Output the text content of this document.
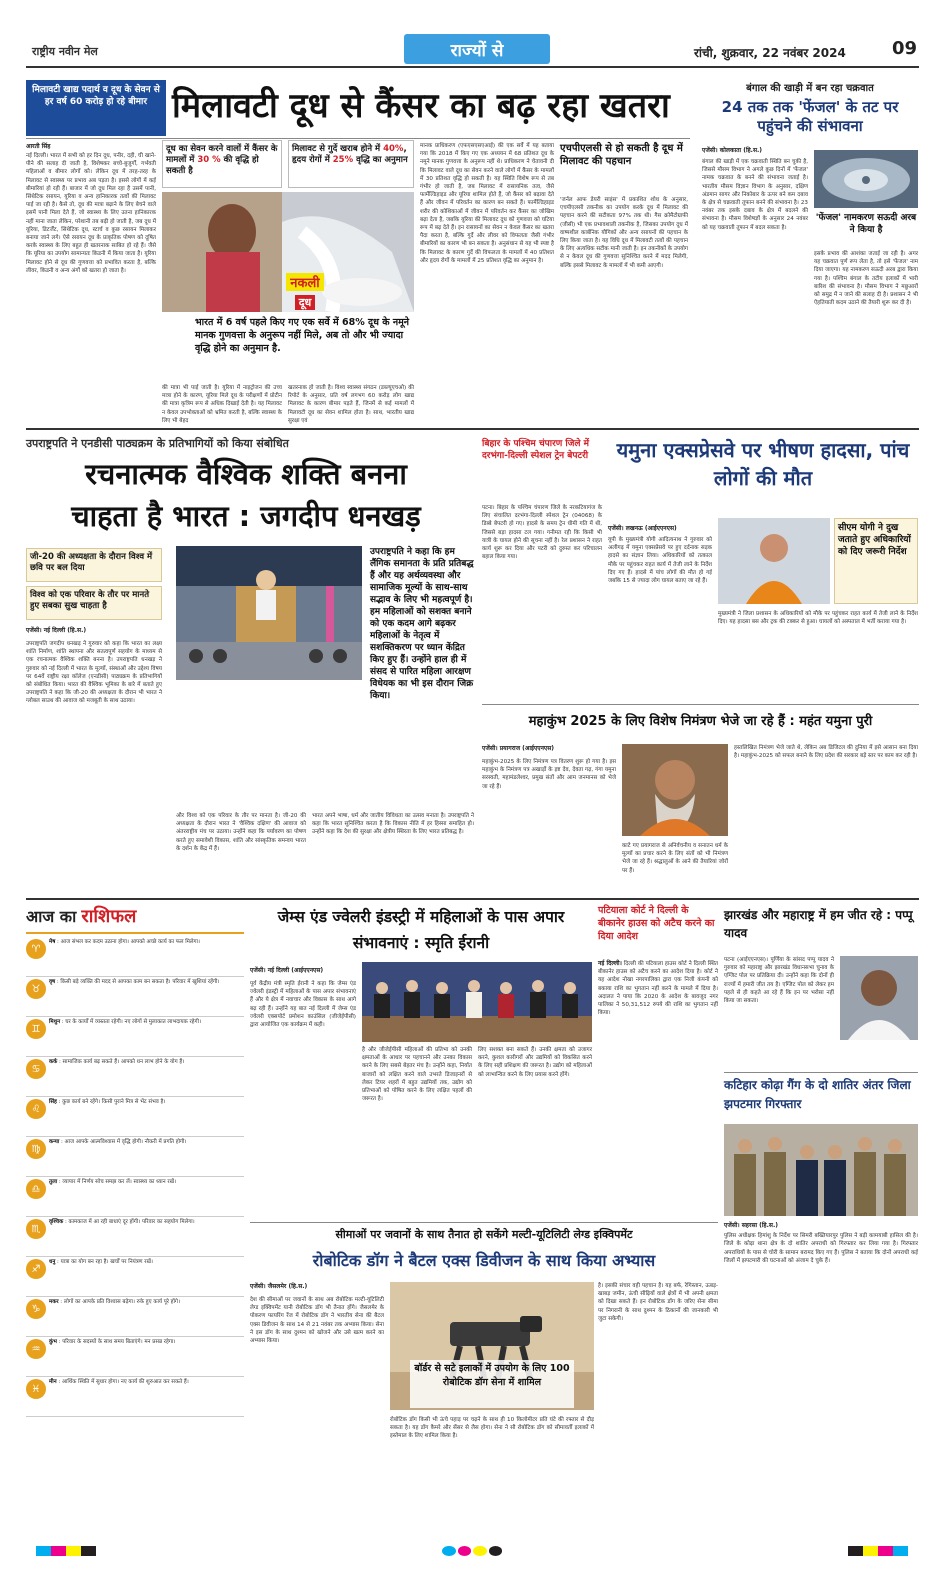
राष्ट्रीय नवीन मेल	राज्यों से	रांची, शुक्रवार, 22 नवंबर 2024	09
मिलावटी खाद्य पदार्थ व दूध के सेवन से हर वर्ष 60 करोड़ हो रहे बीमार मिलावटी दूध से कैंसर का बढ़ रहा खतरा
आरती सिंह
नई दिल्ली। भारत में सभी को हर दिन दूध, पनीर, दही, घी खाने-पीने की सलाह दी जाती है, विशेषकर बच्चे-बुजुर्गों, गर्भवती महिलाओं व बीमार लोगों को। लेकिन दूध में तरह-तरह के मिलावट से स्वास्थ्य पर प्रभाव अब पड़ता है। इससे लोगों में कई बीमारियां हो रही हैं। बाजार में जो दूध मिल रहा है उसमें पानी, सिंथेटिक रसायन, यूरिया व अन्य हानिकारक तत्वों की मिलावट पाई जा रही है। कैसे तो, दूध की मात्रा बढ़ाने के लिए बेचने वाले इसमें पानी मिला देते हैं, जो स्वास्थ्य के लिए उतना हानिकारक नहीं माना जाता लेकिन, परेशानी तब बढ़ी हो जाती है, जब दूध में यूरिया, डिटर्जेंट, सिंथेटिक दूध, स्टार्च व कुछ रसायन मिलाकर बनाया जाने लगे। ऐसे रसायन दूध के प्राकृतिक पोषण को दूषित करके स्वास्थ्य के लिए बहुत ही खतरनाक साबित हो रहे हैं। जैसे कि यूरिया का उपयोग सामान्यतः किडनी में किया जाता है। यूरिया मिलावट होने से दूध की गुणवत्ता को प्रभावित करता है, बल्कि लीवर, किडनी व अन्य अंगों को खतरा हो जाता है।
दूध का सेवन करने वालों में कैंसर के मामलों में 30 % की वृद्धि हो सकती है
मिलावट से गुर्दे खराब होने में 40%, हृदय रोगों में 25% वृद्धि का अनुमान
नकली
दूध
भारत में 6 वर्ष पहले किए गए एक सर्वे में 68% दूध के नमूने मानक गुणवत्ता के अनुरूप नहीं मिले, अब तो और भी ज्यादा वृद्धि होने का अनुमान है.
की मात्रा भी पाई जाती है। यूरिया में नाइट्रोजन की उच्च मात्रा होने के कारण, यूरिया मिले दूध के परीक्षणों में प्रोटीन की मात्रा कृत्रिम रूप से अधिक दिखाई देती है। यह मिलावट न केवल उपभोक्ताओं को भ्रमित करती है, बल्कि स्वास्थ्य के लिए भी बेहद
खतरनाक हो जाती है। विश्व स्वास्थ्य संगठन (डब्ल्यूएचओ) की रिपोर्ट के अनुसार, प्रति वर्ष लगभग 60 करोड़ लोग खाद्य मिलावट के कारण बीमार पड़ते हैं, जिनमें से कई मामलों में मिलावटी दूध का सेवन शामिल होता है। साथ, भारतीय खाद्य सुरक्षा एवं
मानक प्राधिकरण (एफएसएसएआई) की एक सर्वे में यह बताया गया कि 2018 में किए गए एक अध्ययन में 68 प्रतिशत दूध के नमूने मानक गुणवत्ता के अनुरूप नहीं थे। प्राधिकरण ने चेतावनी दी कि मिलावट वाले दूध का सेवन करने वाले लोगों में कैंसर के मामलों में 30 प्रतिशत वृद्धि हो सकती है। यह स्थिति विशेष रूप से तब गंभीर हो जाती है, जब मिलावट में रासायनिक तत्व, जैसे फार्मेल्डिहाइड और यूरिया शामिल होते हैं, जो कैंसर को बढ़ावा देते हैं और जीवन में परिवर्तन का कारण बन सकते हैं। फार्मेल्डिहाइड शरीर की कोशिकाओं में जीवन में परिवर्तन कर कैंसर का जोखिम बढ़ा देता है, जबकि यूरिया की मिलावट दूध को गुणवत्ता को घटिया रूप में बढ़ देते हैं। इन रासायनों का सेवन न केवल कैंसर का खतरा पैदा करता है, बल्कि गुर्दे और लीवर को विफलता जैसी गंभीर बीमारियों का कारण भी बन सकता है। अनुसंधान से यह भी स्पष्ट है कि मिलावट के कारण गुर्दे की विफलता के मामलों में 40 प्रतिशत और हृदय रोगों के मामलों में 25 प्रतिशत वृद्धि का अनुमान है।
एचपीएलसी से हो सकती है दूध में मिलावट की पहचान
'जर्नल आफ डेयरी साइंस' में प्रकाशित शोध के अनुसार, एचपीएलसी तकनीक का उपयोग करके दूध में मिलावट की पहचान करने की सटीकता 97% तक थी। गैस क्रोमैटोग्राफी (जीसी) भी एक प्रभावशाली तकनीक है, जिसका उपयोग दूध में वाष्पशील कार्बनिक यौगिकों और अन्य रसायनों की पहचान के लिए किया जाता है। यह विधि दूध में मिलावटी तत्वों की पहचान के लिए अत्यधिक सटीक मानी जाती है। इन तकनीकों के उपयोग से न केवल दूध की गुणवत्ता सुनिश्चित करने में मदद मिलेगी, बल्कि इससे मिलावट के मामलों में भी कमी आएगी।
बंगाल की खाड़ी में बन रहा चक्रवात
24 तक तक 'फेंजल' के तट पर पहुंचने की संभावना
एजेंसी। कोलकाता (हि.स.)
बंगाल की खाड़ी में एक चक्रवाती स्थिति बन चुकी है, जिससे मौसम विभाग ने अगले कुछ दिनों में 'फेंजल' नामक चक्रवात के बनने की संभावना जताई है। भारतीय मौसम विज्ञान विभाग के अनुसार, दक्षिण अंडमान सागर और निकोबार के ऊपर बने कम दबाव के क्षेत्र से चक्रवाती तूफान बनने की संभावना है। 23 नवंबर तक इसके दबाव के क्षेत्र में बदलने की संभावना है। मौसम विशेषज्ञों के अनुसार 24 नवंबर को यह चक्रवाती तूफान में बदल सकता है।
'फेंजल' नामकरण सऊदी अरब ने किया है
इसके प्रभाव की आशंका जताई जा रही है। अगर यह चक्रवात पूर्ण रूप लेता है, तो इसे 'फेंजल' नाम दिया जाएगा। यह नामकरण सऊदी अरब द्वारा किया गया है। पश्चिम बंगाल के तटीय इलाकों में भारी बारिश की संभावना है। मौसम विभाग ने मछुआरों को समुद्र में न जाने की सलाह दी है। प्रशासन ने भी ऐहतियाती कदम उठाने की तैयारी शुरू कर दी है।
उपराष्ट्रपति ने एनडीसी पाठ्यक्रम के प्रतिभागियों को किया संबोधित
रचनात्मक वैश्विक शक्ति बनना
चाहता है भारत : जगदीप धनखड़
जी-20 की अध्यक्षता के दौरान विश्व में छवि पर बल दिया
विश्व को एक परिवार के तौर पर मानते हुए सबका सुख चाहता है
एजेंसी। नई दिल्ली (हि.स.)
उपराष्ट्रपति जगदीप धनखड़ ने गुरुवार को कहा कि भारत का लक्ष्य शांति निर्माण, शांति स्थापना और सतत्वपूर्ण सहयोग के माध्यम से एक रचनात्मक वैश्विक शक्ति बनना है। उपराष्ट्रपति धनखड़ ने गुरुवार को नई दिल्ली में भारत के मूल्यों, संस्थाओं और उद्देश्य विषय पर 64वें राष्ट्रीय रक्षा कॉलेज (एनडीसी) पाठ्यक्रम के प्रतिभागियों को संबोधित किया। भारत की वैश्विक भूमिका के बारे में बताते हुए उपराष्ट्रपति ने कहा कि जी-20 की अध्यक्षता के दौरान भी भारत ने ग्लोबल साउथ की आवाज को मजबूती के साथ उठाया।
उपराष्ट्रपति ने कहा कि हम लैंगिक समानता के प्रति प्रतिबद्ध हैं और यह अर्थव्यवस्था और सामाजिक मूल्यों के साथ-साथ सद्भाव के लिए भी महत्वपूर्ण है। हम महिलाओं को सशक्त बनाने को एक कदम आगे बढ़कर महिलाओं के नेतृत्व में सशक्तिकरण पर ध्यान केंद्रित किए हुए हैं। उन्होंने हाल ही में संसद से पारित महिला आरक्षण विधेयक का भी इस दौरान जिक्र किया।
और विश्व को एक परिवार के तौर पर मानता है। जी-20 की अध्यक्षता के दौरान भारत ने 'वैश्विक दक्षिण' की आवाज को अंतरराष्ट्रीय मंच पर उठाया। उन्होंने कहा कि पर्यावरण का पोषण करते हुए समावेशी विकास, शांति और सांस्कृतिक समन्वय भारत के दर्शन के केंद्र में हैं।
भारत अपने भाषा, धर्म और जातीय विविधता का उत्सव मनाता है। उपराष्ट्रपति ने कहा कि भारत सुनिश्चित करता है कि विकास नीति में हर हिस्सा समाहित हो। उन्होंने कहा कि देश की सुरक्षा और क्षेत्रीय स्थिरता के लिए भारत प्रतिबद्ध है।
बिहार के पश्चिम चंपारण जिले में दरभंगा-दिल्ली स्पेशल ट्रेन बेपटरी
पटना। बिहार के पश्चिम चंपारण जिले के नरकटियागंज के लिए संचालित दरभंगा-दिल्ली स्पेशल ट्रेन (04068) के डिब्बे बेपटरी हो गए। हादसे के समय ट्रेन धीमी गति में थी, जिससे बड़ा हादसा टल गया। गनीमत रही कि किसी भी यात्री के घायल होने की सूचना नहीं है। रेल प्रशासन ने राहत कार्य शुरू कर दिया और पटरी को दुरुस्त कर परिचालन बहाल किया गया।
यमुना एक्सप्रेसवे पर भीषण हादसा, पांच लोगों की मौत
एजेंसी। लखनऊ (आईएएनएस)
यूपी के मुख्यमंत्री योगी आदित्यनाथ ने गुरुवार को अलीगढ़ में यमुना एक्सप्रेसवे पर हुए दर्दनाक सड़क हादसे का संज्ञान लिया। अधिकारियों को तत्काल मौके पर पहुंचकर राहत कार्य में तेजी लाने के निर्देश दिए गए हैं। हादसे में पांच लोगों की मौत हो गई जबकि 15 से ज्यादा लोग घायल बताए जा रहे हैं।
सीएम योगी ने दुख जताते हुए अधिकारियों को दिए जरूरी निर्देश
मुख्यमंत्री ने जिला प्रशासन के अधिकारियों को मौके पर पहुंचकर राहत कार्य में तेजी लाने के निर्देश दिए। यह हादसा बस और ट्रक की टक्कर से हुआ। घायलों को अस्पताल में भर्ती कराया गया है।
महाकुंभ 2025 के लिए विशेष निमंत्रण भेजे जा रहे हैं : महंत यमुना पुरी
एजेंसी। प्रयागराज (आईएएनएस)
महाकुंभ-2025 के लिए निमंत्रण पत्र वितरण शुरू हो गया है। इस महाकुंभ के निमंत्रण पत्र अखाड़ों के इष्ट देव, देवता गढ़, गंगा यमुना सरस्वती, महामंडलेश्वर, प्रमुख संतों और आम जनमानस को भेजे जा रहे हैं।
काटे गए प्रयागराज से अनिर्वचनीय व सनातन धर्म के मूल्यों का प्रचार करने के लिए संतों को भी निमंत्रण भेजे जा रहे हैं। श्रद्धालुओं के आने की तैयारियां जोरों पर हैं।
हस्तलिखित निमंत्रण भेजे जाते थे, लेकिन अब डिजिटल की दुनिया में इसे आसान बना दिया है। महाकुंभ-2025 को सफल बनाने के लिए प्रदेश की सरकार बड़े स्तर पर काम कर रही है।
आज का राशिफल
♈
मेष : आज संभल कर कदम उठाना होगा। आपको अच्छे कार्य का फल मिलेगा।
♉
वृष : किसी बड़े व्यक्ति की मदद से आपका काम बन सकता है। परिवार में खुशियां रहेंगी।
♊
मिथुन : घर के कार्यों में व्यस्तता रहेगी। नए लोगों से मुलाकात लाभदायक रहेगी।
♋
कर्क : सामाजिक कार्य बढ़ सकते हैं। आपको धन लाभ होने के योग हैं।
♌
सिंह : कुछ कार्य बने रहेंगे। किसी पुराने मित्र से भेंट संभव है।
♍
कन्या : आज आपके आत्मविश्वास में वृद्धि होगी। नौकरी में प्रगति होगी।
♎
तुला : व्यापार में निर्णय सोच समझ कर लें। स्वास्थ्य का ध्यान रखें।
♏
वृश्चिक : कामकाज में आ रही बाधाएं दूर होंगी। परिवार का सहयोग मिलेगा।
♐
धनु : यात्रा का योग बन रहा है। खर्चों पर नियंत्रण रखें।
♑
मकर : लोगों का आपके प्रति विश्वास बढ़ेगा। रुके हुए कार्य पूरे होंगे।
♒
कुंभ : परिवार के सदस्यों के साथ समय बिताएंगे। मन प्रसन्न रहेगा।
♓
मीन : आर्थिक स्थिति में सुधार होगा। नए कार्य की शुरुआत कर सकते हैं।
जेम्स एंड ज्वेलरी इंडस्ट्री में महिलाओं के पास अपार संभावनाएं : स्मृति ईरानी
एजेंसी। नई दिल्ली (आईएएनएस)
पूर्व केंद्रीय मंत्री स्मृति ईरानी ने कहा कि जेम्स एंड ज्वेलरी इंडस्ट्री में महिलाओं के पास अपार संभावनाएं हैं और ये क्षेत्र में नवाचार और विकास के साथ आगे बढ़ रही हैं। उन्होंने यह बात नई दिल्ली में जेम्स एंड ज्वेलरी एक्सपोर्ट प्रमोशन काउंसिल (जीजेईपीसी) द्वारा आयोजित एक कार्यक्रम में कही।
है और जीजेईपीसी महिलाओं की प्रतिभा को उनकी क्षमताओं के आधार पर पहचानने और उनका विकास करने के लिए सबसे बेहतर मंच है। उन्होंने कहा, निर्यात बाजारों को लक्षित करने वाले उभरते डिजाइनरों से लेकर टियर शहरों में बहुत उद्यमियों तक, उद्योग को प्रतिभाओं को पोषित करने के लिए लक्षित पहलों की जरूरत है।
लिए सशक्त बना सकते हैं। उनकी क्षमता को उजागर करने, कुशल कारीगरों और उद्यमियों को विकसित करने के लिए सही प्रशिक्षण की जरूरत है। उद्योग को महिलाओं को लाभान्वित करने के लिए प्रयास करने होंगे।
पटियाला कोर्ट ने दिल्ली के बीकानेर हाउस को अटैच करने का दिया आदेश
नई दिल्ली। दिल्ली की पटियाला हाउस कोर्ट ने दिल्ली स्थित बीकानेर हाउस को अटैच करने का आदेश दिया है। कोर्ट ने यह आदेश नोखा नगरपालिका द्वारा एक निजी कंपनी को बकाया राशि का भुगतान नहीं करने के मामले में दिया है। अदालत ने पाया कि 2020 के आदेश के बावजूद नगर पालिका ने 50,31,512 रुपये की राशि का भुगतान नहीं किया।
झारखंड और महाराष्ट्र में हम जीत रहे : पप्पू यादव
पटना (आईएएनएस)। पूर्णिया के सांसद पप्पू यादव ने गुरुवार को महाराष्ट्र और झारखंड विधानसभा चुनाव के एग्जिट पोल पर प्रतिक्रिया दी। उन्होंने कहा कि दोनों ही राज्यों में हमारी जीत तय है। एग्जिट पोल को लेकर हम पहले से ही कहते आ रहे हैं कि इन पर भरोसा नहीं किया जा सकता।
कटिहार कोढ़ा गैंग के दो शातिर अंतर जिला झपटमार गिरफ्तार
एजेंसी। सहरसा (हि.स.)
पुलिस अधीक्षक हिमांशु के निर्देश पर सिमरी बख्तियारपुर पुलिस ने बड़ी कामयाबी हासिल की है। जिले के कोढ़ा थाना क्षेत्र के दो शातिर अपराधी को गिरफ्तार कर लिया गया है। गिरफ्तार अपराधियों के पास से चोरी के सामान बरामद किए गए हैं। पुलिस ने बताया कि दोनों अपराधी कई जिलों में झपटमारी की घटनाओं को अंजाम दे चुके हैं।
सीमाओं पर जवानों के साथ तैनात हो सकेंगे मल्टी-यूटिलिटी लेग्ड इक्विपमेंट
रोबोटिक डॉग ने बैटल एक्स डिवीजन के साथ किया अभ्यास
एजेंसी। जैसलमेर (हि.स.)
देश की सीमाओं पर जवानों के साथ अब रोबोटिक मल्टी-यूटिलिटी लेग्ड इक्विपमेंट यानी रोबोटिक डॉग भी तैनात होंगे। जैसलमेर के पोकरण फायरिंग रेंज में रोबोटिक डॉग ने भारतीय सेना की बैटल एक्स डिवीजन के साथ 14 से 21 नवंबर तक अभ्यास किया। सेना ने इस डॉग के साथ दुश्मन को खोजने और उसे खत्म करने का अभ्यास किया।
बॉर्डर से सटे इलाकों में उपयोग के लिए 100 रोबोटिक डॉग सेना में शामिल
रोबोटिक डॉग किसी भी ऊंचे पहाड़ पर चढ़ने के साथ ही 10 किलोमीटर प्रति घंटे की रफ्तार से दौड़ सकता है। यह डॉग कैमरे और सेंसर से लैस होगा। सेना ने सौ रोबोटिक डॉग को सीमावर्ती इलाकों में इस्तेमाल के लिए शामिल किया है।
है। इसकी संचार वही पहचान है। यह बर्फ, रेगिस्तान, ऊबड़-खाबड़ जमीन, ऊंची सीढ़ियों वाले क्षेत्रों में भी अपनी क्षमता को दिखा सकते हैं। इन रोबोटिक डॉग के जरिए सेना सीमा पर निगरानी के साथ दुश्मन के ठिकानों की जानकारी भी जुटा सकेगी।
